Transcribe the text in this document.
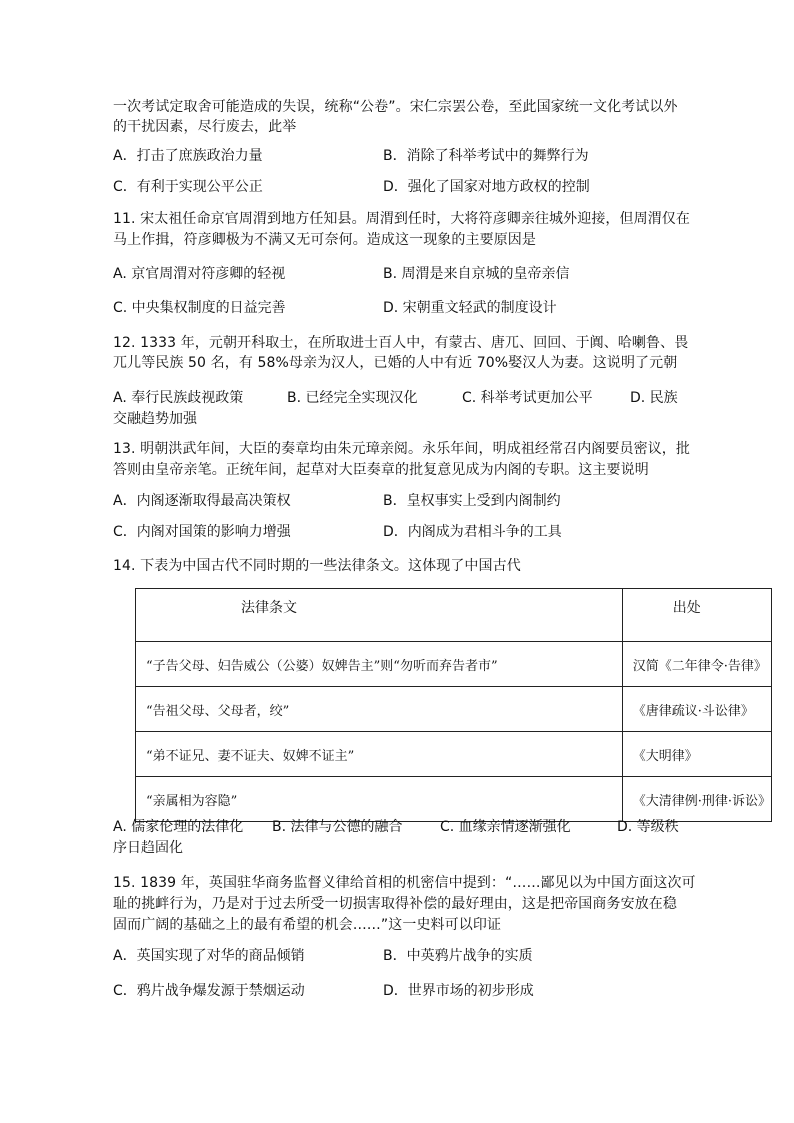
一次考试定取舍可能造成的失误，统称“公卷”。宋仁宗罢公卷，至此国家统一文化考试以外
的干扰因素，尽行废去，此举
A．打击了庶族政治力量	B．消除了科举考试中的舞弊行为
C．有利于实现公平公正	D．强化了国家对地方政权的控制
11. 宋太祖任命京官周渭到地方任知县。周渭到任时，大将符彦卿亲往城外迎接，但周渭仅在
马上作揖，符彦卿极为不满又无可奈何。造成这一现象的主要原因是
A. 京官周渭对符彦卿的轻视	B. 周渭是来自京城的皇帝亲信
C. 中央集权制度的日益完善	D. 宋朝重文轻武的制度设计
12. 1333 年，元朝开科取士，在所取进士百人中，有蒙古、唐兀、回回、于阗、哈喇鲁、畏
兀儿等民族 50 名，有 58%母亲为汉人，已婚的人中有近 70%娶汉人为妻。这说明了元朝
A. 奉行民族歧视政策	B. 已经完全实现汉化	C. 科举考试更加公平	D. 民族
交融趋势加强
13. 明朝洪武年间，大臣的奏章均由朱元璋亲阅。永乐年间，明成祖经常召内阁要员密议，批
答则由皇帝亲笔。正统年间，起草对大臣奏章的批复意见成为内阁的专职。这主要说明
A．内阁逐渐取得最高决策权	B．皇权事实上受到内阁制约
C．内阁对国策的影响力增强	D．内阁成为君相斗争的工具
14. 下表为中国古代不同时期的一些法律条文。这体现了中国古代
法律条文	出处
“子告父母、妇告威公（公婆）奴婢告主”则“勿听而弃告者市”	汉简《二年律令·告律》
“告祖父母、父母者，绞”	《唐律疏议·斗讼律》
“弟不证兄、妻不证夫、奴婢不证主”	《大明律》
“亲属相为容隐”	《大清律例·刑律·诉讼》
A. 儒家伦理的法律化 B. 法律与公德的融合	C. 血缘亲情逐渐强化	D. 等级秩
序日趋固化
15. 1839 年，英国驻华商务监督义律给首相的机密信中提到：“……鄙见以为中国方面这次可
耻的挑衅行为，乃是对于过去所受一切损害取得补偿的最好理由，这是把帝国商务安放在稳
固而广阔的基础之上的最有希望的机会……”这一史料可以印证
A．英国实现了对华的商品倾销	B．中英鸦片战争的实质
C．鸦片战争爆发源于禁烟运动	D．世界市场的初步形成
